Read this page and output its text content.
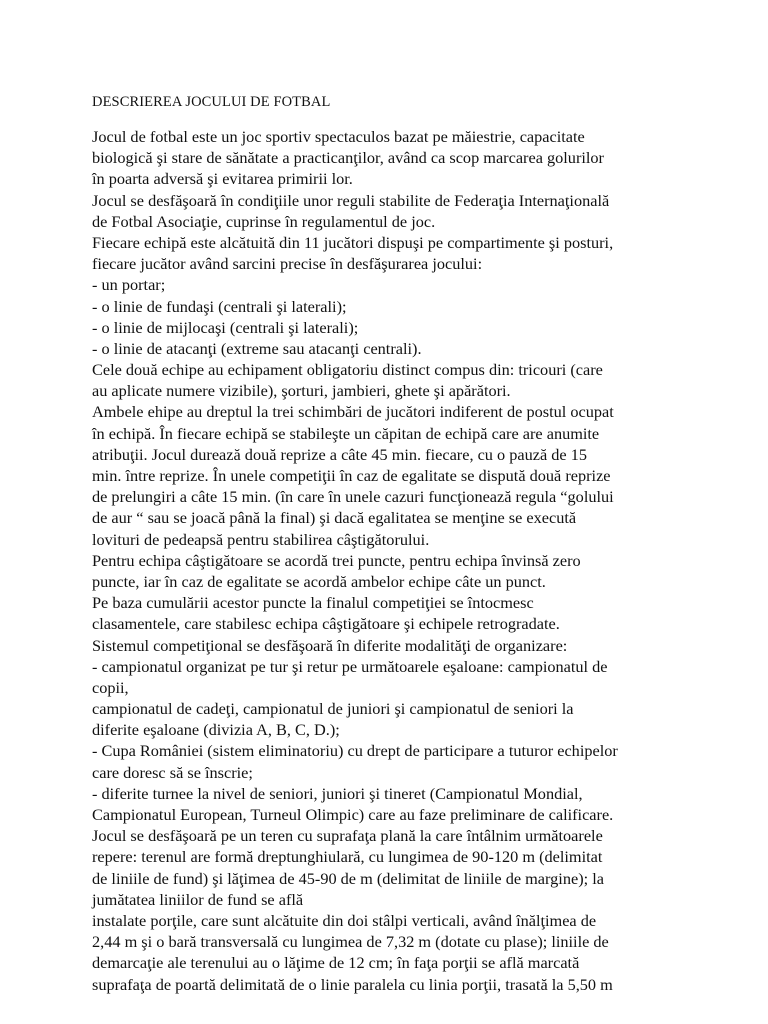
DESCRIEREA JOCULUI DE FOTBAL
Jocul de fotbal este un joc sportiv spectaculos bazat pe măiestrie, capacitate
biologică şi stare de sănătate a practicanţilor, având ca scop marcarea golurilor
în poarta adversă şi evitarea primirii lor.
Jocul se desfăşoară în condiţiile unor reguli stabilite de Federaţia Internaţională
de Fotbal Asociaţie, cuprinse în regulamentul de joc.
Fiecare echipă este alcătuită din 11 jucători dispuşi pe compartimente şi posturi,
fiecare jucător având sarcini precise în desfăşurarea jocului:
- un portar;
- o linie de fundaşi (centrali şi laterali);
- o linie de mijlocaşi (centrali şi laterali);
- o linie de atacanţi (extreme sau atacanţi centrali).
Cele două echipe au echipament obligatoriu distinct compus din: tricouri (care
au aplicate numere vizibile), şorturi, jambieri, ghete şi apărători.
Ambele ehipe au dreptul la trei schimbări de jucători indiferent de postul ocupat
în echipă. În fiecare echipă se stabileşte un căpitan de echipă care are anumite
atribuţii. Jocul durează două reprize a câte 45 min. fiecare, cu o pauză de 15
min. între reprize. În unele competiţii în caz de egalitate se dispută două reprize
de prelungiri a câte 15 min. (în care în unele cazuri funcţionează regula “golului
de aur “ sau se joacă până la final) şi dacă egalitatea se menţine se execută
lovituri de pedeapsă pentru stabilirea câştigătorului.
Pentru echipa câştigătoare se acordă trei puncte, pentru echipa învinsă zero
puncte, iar în caz de egalitate se acordă ambelor echipe câte un punct.
Pe baza cumulării acestor puncte la finalul competiţiei se întocmesc
clasamentele, care stabilesc echipa câştigătoare şi echipele retrogradate.
Sistemul competiţional se desfăşoară în diferite modalităţi de organizare:
- campionatul organizat pe tur şi retur pe următoarele eşaloane: campionatul de
copii,
campionatul de cadeţi, campionatul de juniori şi campionatul de seniori la
diferite eşaloane (divizia A, B, C, D.);
- Cupa României (sistem eliminatoriu) cu drept de participare a tuturor echipelor
care doresc să se înscrie;
- diferite turnee la nivel de seniori, juniori şi tineret (Campionatul Mondial,
Campionatul European, Turneul Olimpic) care au faze preliminare de calificare.
Jocul se desfăşoară pe un teren cu suprafaţa plană la care întâlnim următoarele
repere: terenul are formă dreptunghiulară, cu lungimea de 90-120 m (delimitat
de liniile de fund) şi lăţimea de 45-90 de m (delimitat de liniile de margine); la
jumătatea liniilor de fund se află
instalate porţile, care sunt alcătuite din doi stâlpi verticali, având înălţimea de
2,44 m şi o bară transversală cu lungimea de 7,32 m (dotate cu plase); liniile de
demarcaţie ale terenului au o lăţime de 12 cm; în faţa porţii se află marcată
suprafaţa de poartă delimitată de o linie paralela cu linia porţii, trasată la 5,50 m
